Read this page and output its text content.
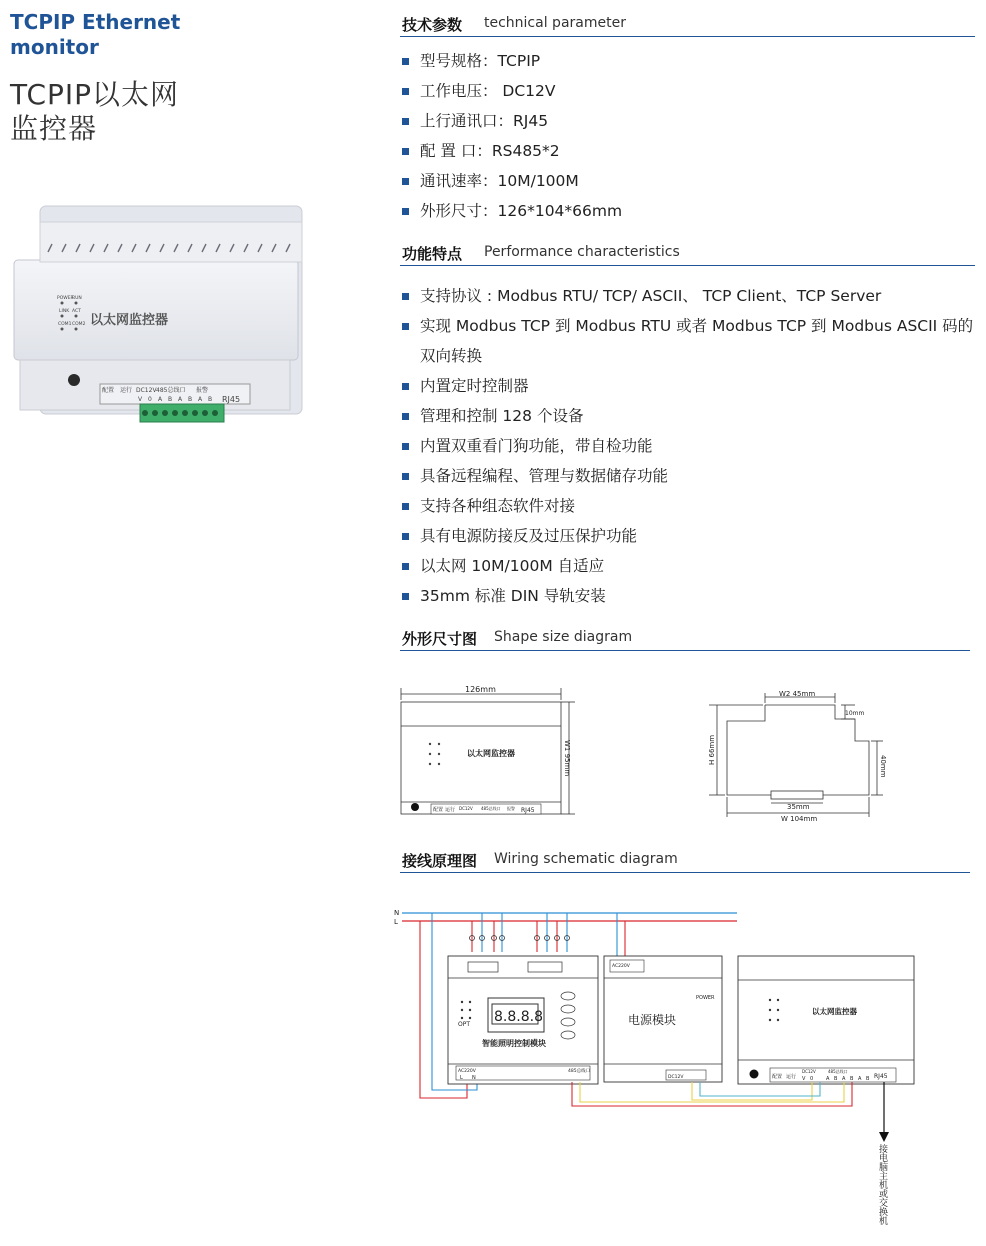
TCPIP Ethernet monitor
TCPIP以太网
监控器
POWER
RUN
LINK ACT
COM1 COM2 以太网监控器
配置 运行 DC12V 485总线口 报警
RJ45
V 0 A B A B A B
技术参数 technical parameter
型号规格：TCPIP
工作电压： DC12V
上行通讯口：RJ45
配 置 口：RS485*2
通讯速率：10M/100M
外形尺寸：126*104*66mm
功能特点 Performance characteristics
支持协议 : Modbus RTU/ TCP/ ASCII、 TCP Client、TCP Server
实现 Modbus TCP 到 Modbus RTU 或者 Modbus TCP 到 Modbus ASCII 码的双向转换
内置定时控制器
管理和控制 128 个设备
内置双重看门狗功能，带自检功能
具备远程编程、管理与数据储存功能
支持各种组态软件对接
具有电源防接反及过压保护功能
以太网 10M/100M 自适应
35mm 标准 DIN 导轨安装
外形尺寸图 Shape size diagram
126mm
W1 95mm
以太网监控器
配置 运行 DC12V 485总线口 报警 RJ45
W2 45mm
10mm
H 66mm
40mm
35mm
W 104mm
接线原理图 Wiring schematic diagram
N
L
8.8.8.8
OPT
智能照明控制模块
AC220V
L N
485总线口
AC220V
POWER
电源模块
DC12V
以太网监控器
配置 运行
DC12V	485总线口
RJ45
V 0	A B A B A B
接电脑主机或交换机
